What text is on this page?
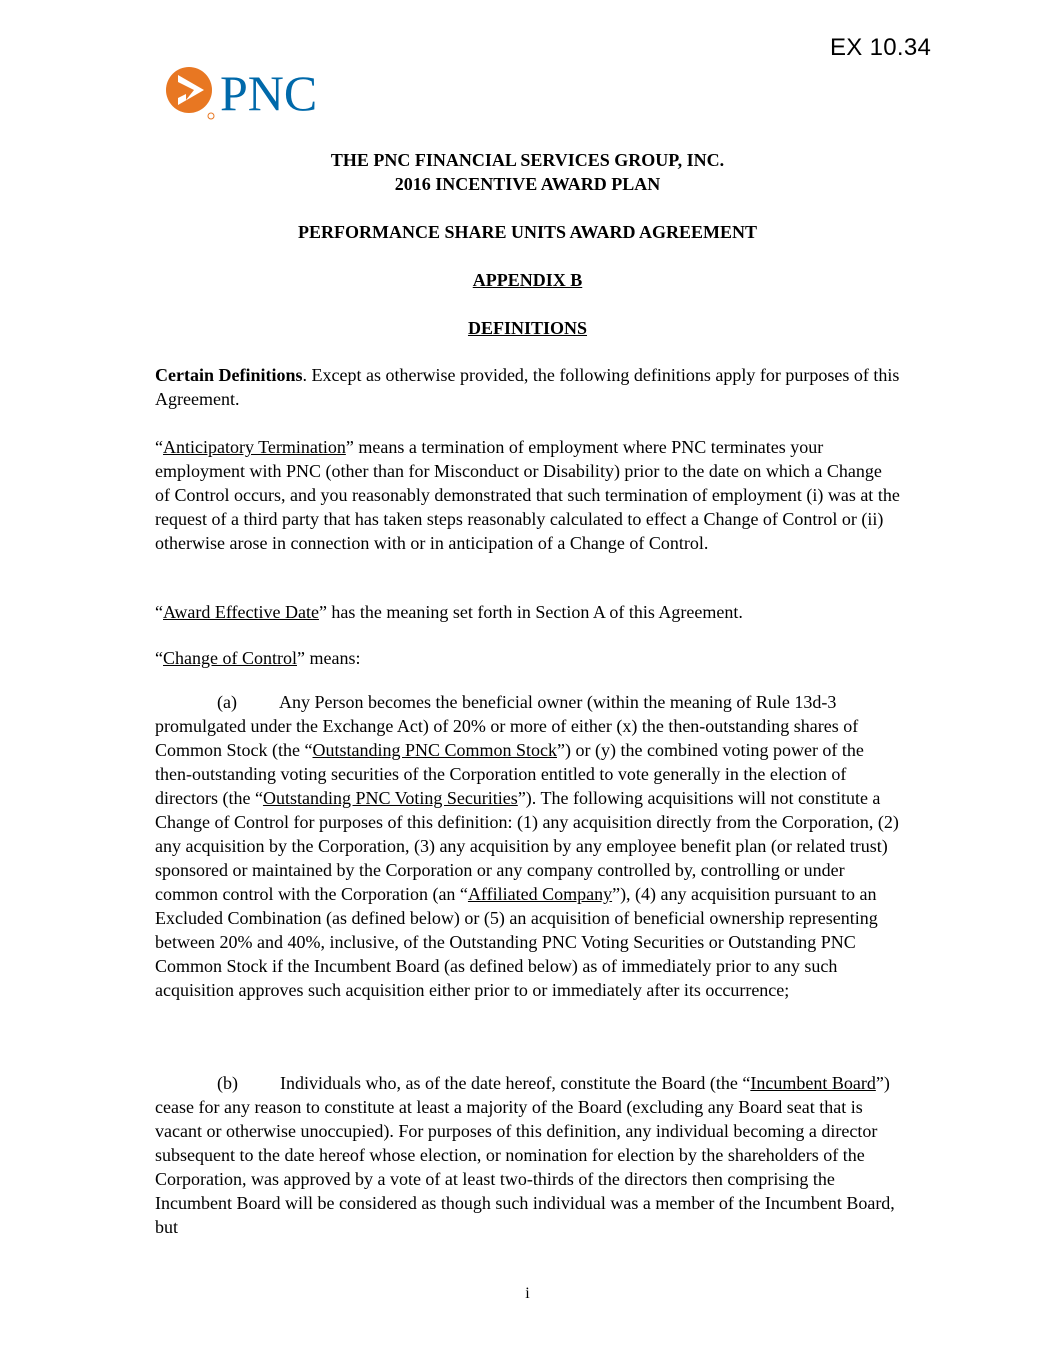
EX 10.34
PNC
THE PNC FINANCIAL SERVICES GROUP, INC.
2016 INCENTIVE AWARD PLAN
PERFORMANCE SHARE UNITS AWARD AGREEMENT
APPENDIX B
DEFINITIONS

Certain Definitions. Except as otherwise provided, the following definitions apply for purposes of this Agreement.

“Anticipatory Termination” means a termination of employment where PNC terminates your employment with PNC (other than for Misconduct or Disability) prior to the date on which a Change of Control occurs, and you reasonably demonstrated that such termination of employment (i) was at the request of a third party that has taken steps reasonably calculated to effect a Change of Control or (ii) otherwise arose in connection with or in anticipation of a Change of Control.

“Award Effective Date” has the meaning set forth in Section A of this Agreement.

“Change of Control” means:

(a) Any Person becomes the beneficial owner (within the meaning of Rule 13d-3 promulgated under the Exchange Act) of 20% or more of either (x) the then-outstanding shares of Common Stock (the “Outstanding PNC Common Stock”) or (y) the combined voting power of the then-outstanding voting securities of the Corporation entitled to vote generally in the election of directors (the “Outstanding PNC Voting Securities”). The following acquisitions will not constitute a Change of Control for purposes of this definition: (1) any acquisition directly from the Corporation, (2) any acquisition by the Corporation, (3) any acquisition by any employee benefit plan (or related trust) sponsored or maintained by the Corporation or any company controlled by, controlling or under common control with the Corporation (an “Affiliated Company”), (4) any acquisition pursuant to an Excluded Combination (as defined below) or (5) an acquisition of beneficial ownership representing between 20% and 40%, inclusive, of the Outstanding PNC Voting Securities or Outstanding PNC Common Stock if the Incumbent Board (as defined below) as of immediately prior to any such acquisition approves such acquisition either prior to or immediately after its occurrence;
(b) Individuals who, as of the date hereof, constitute the Board (the “Incumbent Board”) cease for any reason to constitute at least a majority of the Board (excluding any Board seat that is vacant or otherwise unoccupied). For purposes of this definition, any individual becoming a director subsequent to the date hereof whose election, or nomination for election by the shareholders of the Corporation, was approved by a vote of at least two-thirds of the directors then comprising the Incumbent Board will be considered as though such individual was a member of the Incumbent Board, but
i
